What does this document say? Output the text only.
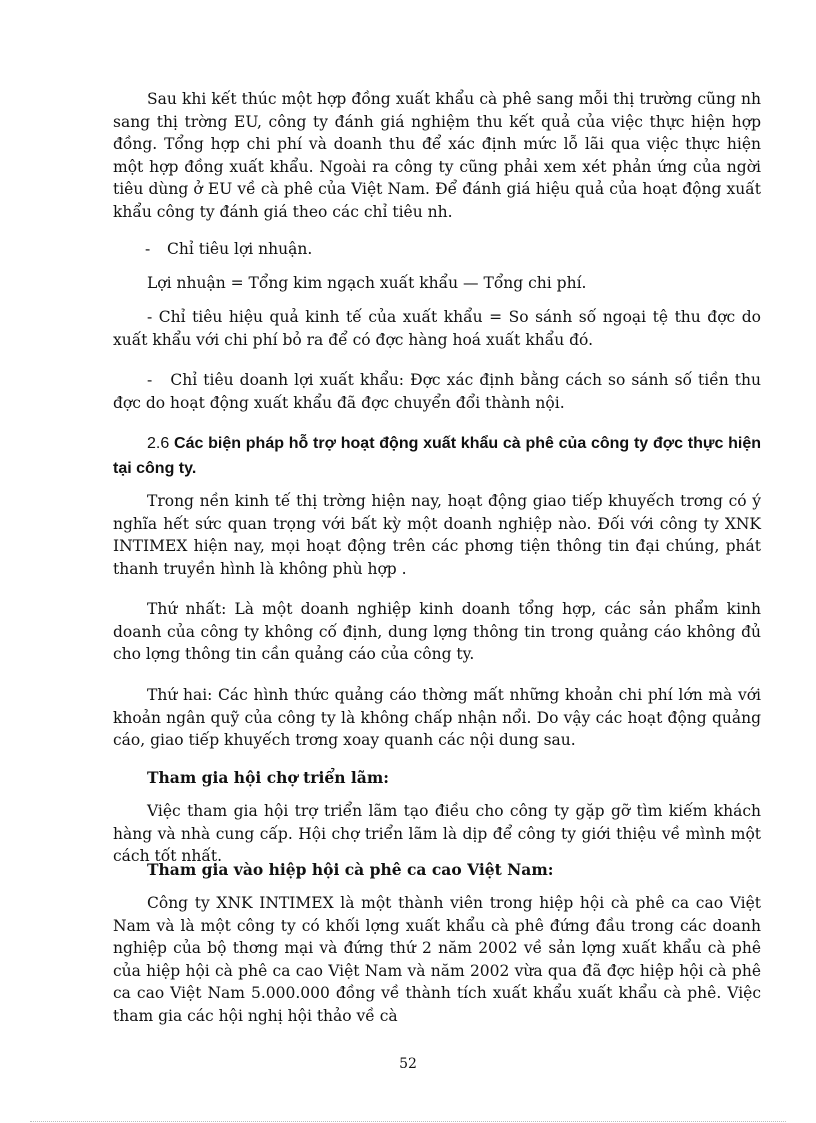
Sau khi kết thúc một hợp đồng xuất khẩu cà phê sang mỗi thị trường cũng nh sang thị trờng EU, công ty đánh giá nghiệm thu kết quả của việc thực hiện hợp đồng. Tổng hợp chi phí và doanh thu để xác định mức lỗ lãi qua việc thực hiện một hợp đồng xuất khẩu. Ngoài ra công ty cũng phải xem xét phản ứng của ngời tiêu dùng ở EU về cà phê của Việt Nam. Để đánh giá hiệu quả của hoạt động xuất khẩu công ty đánh giá theo các chỉ tiêu nh.

- Chỉ tiêu lợi nhuận.

Lợi nhuận = Tổng kim ngạch xuất khẩu — Tổng chi phí.

- Chỉ tiêu hiệu quả kinh tế của xuất khẩu = So sánh số ngoại tệ thu đợc do xuất khẩu với chi phí bỏ ra để có đợc hàng hoá xuất khẩu đó.

- Chỉ tiêu doanh lợi xuất khẩu: Đợc xác định bằng cách so sánh số tiền thu đợc do hoạt động xuất khẩu đã đợc chuyển đổi thành nội.

2.6 Các biện pháp hỗ trợ hoạt động xuất khẩu cà phê của công ty đợc thực hiện tại công ty.

Trong nền kinh tế thị trờng hiện nay, hoạt động giao tiếp khuyếch trơng có ý nghĩa hết sức quan trọng với bất kỳ một doanh nghiệp nào. Đối với công ty XNK INTIMEX hiện nay, mọi hoạt động trên các phơng tiện thông tin đại chúng, phát thanh truyền hình là không phù hợp .

Thứ nhất: Là một doanh nghiệp kinh doanh tổng hợp, các sản phẩm kinh doanh của công ty không cố định, dung lợng thông tin trong quảng cáo không đủ cho lợng thông tin cần quảng cáo của công ty.

Thứ hai: Các hình thức quảng cáo thờng mất những khoản chi phí lớn mà với khoản ngân quỹ của công ty là không chấp nhận nổi. Do vậy các hoạt động quảng cáo, giao tiếp khuyếch trơng xoay quanh các nội dung sau.

Tham gia hội chợ triển lãm:

Việc tham gia hội trợ triển lãm tạo điều cho công ty gặp gỡ tìm kiếm khách hàng và nhà cung cấp. Hội chợ triển lãm là dịp để công ty giới thiệu về mình một cách tốt nhất.

Tham gia vào hiệp hội cà phê ca cao Việt Nam:

Công ty XNK INTIMEX là một thành viên trong hiệp hội cà phê ca cao Việt Nam và là một công ty có khối lợng xuất khẩu cà phê đứng đầu trong các doanh nghiệp của bộ thơng mại và đứng thứ 2 năm 2002 về sản lợng xuất khẩu cà phê của hiệp hội cà phê ca cao Việt Nam và năm 2002 vừa qua đã đợc hiệp hội cà phê ca cao Việt Nam 5.000.000 đồng về thành tích xuất khẩu xuất khẩu cà phê. Việc tham gia các hội nghị hội thảo về cà

52
